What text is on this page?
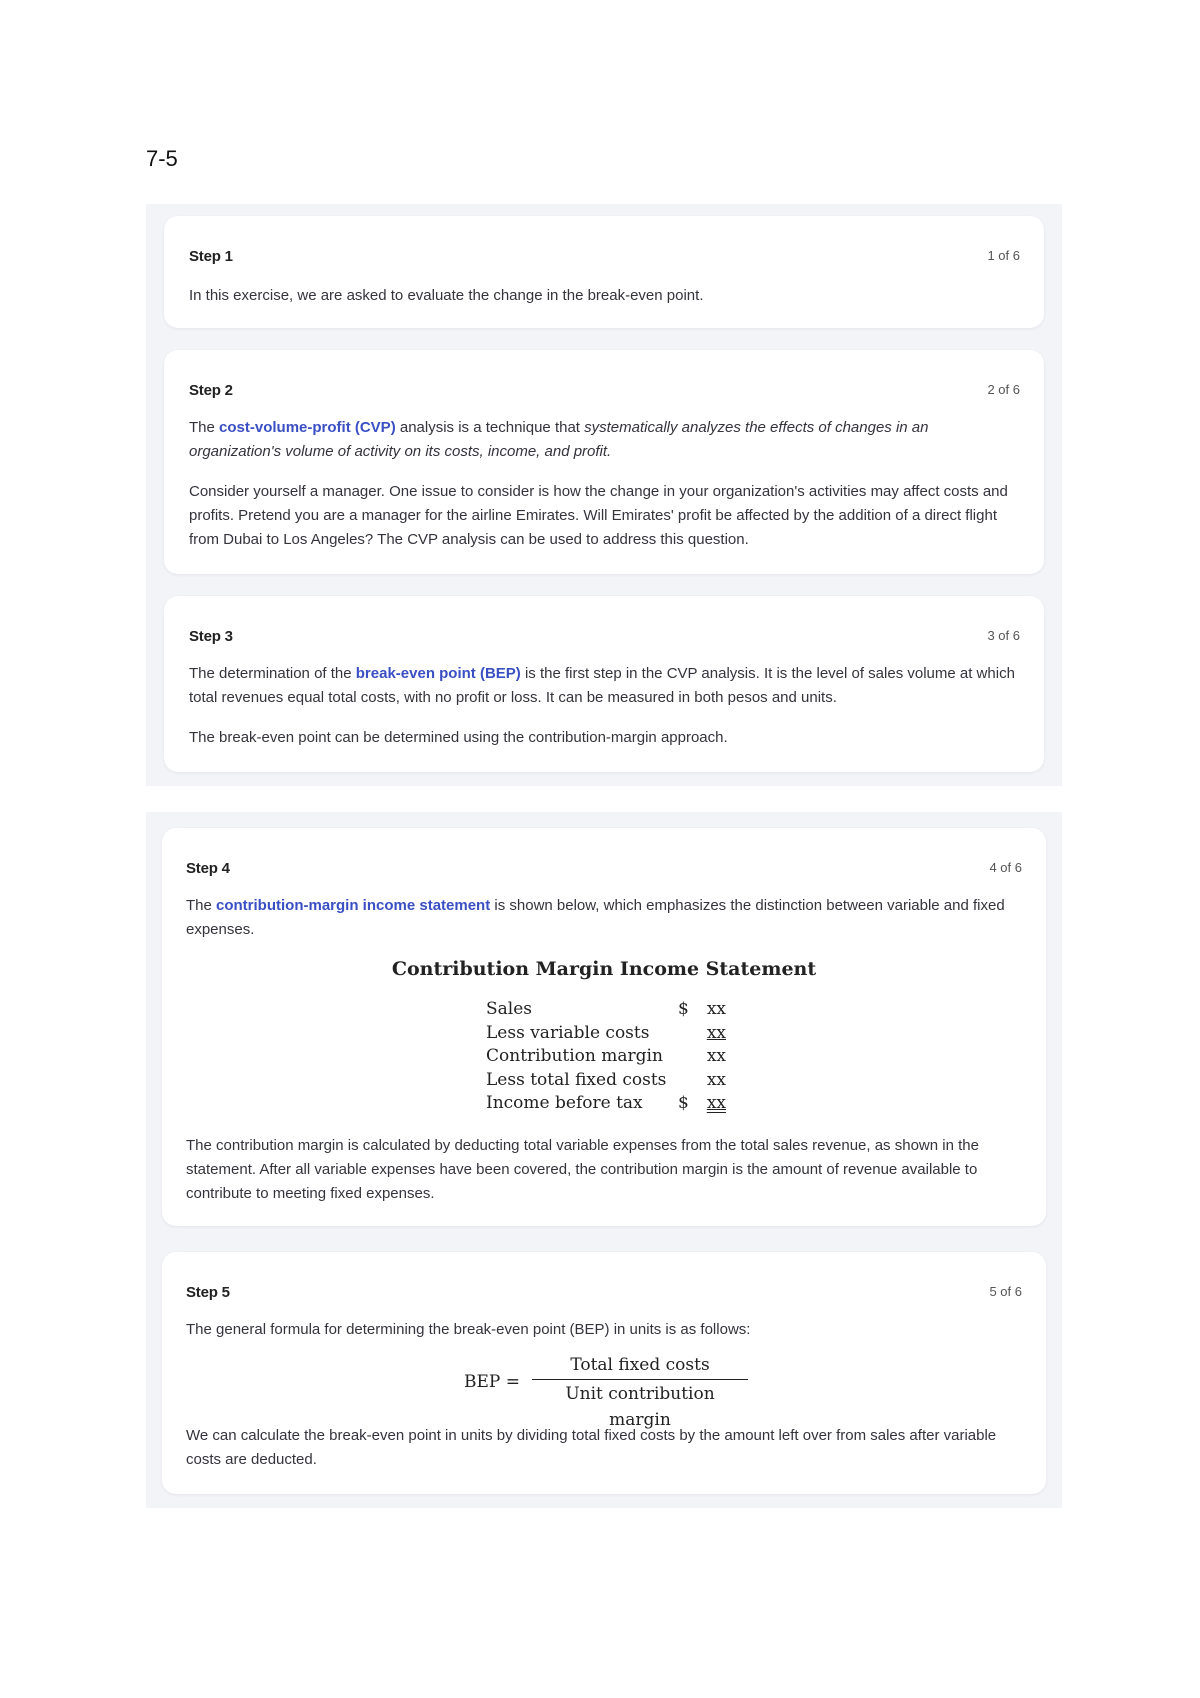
7-5
Step 1	1 of 6

In this exercise, we are asked to evaluate the change in the break-even point.

Step 2	2 of 6

The cost-volume-profit (CVP) analysis is a technique that systematically analyzes the effects of changes in an organization's volume of activity on its costs, income, and profit.

Consider yourself a manager. One issue to consider is how the change in your organization's activities may affect costs and profits. Pretend you are a manager for the airline Emirates. Will Emirates' profit be affected by the addition of a direct flight from Dubai to Los Angeles? The CVP analysis can be used to address this question.

Step 3	3 of 6

The determination of the break-even point (BEP) is the first step in the CVP analysis. It is the level of sales volume at which total revenues equal total costs, with no profit or loss. It can be measured in both pesos and units.

The break-even point can be determined using the contribution-margin approach.

Step 4	4 of 6

The contribution-margin income statement is shown below, which emphasizes the distinction between variable and fixed expenses.

Contribution Margin Income Statement
Sales	$	xx
Less variable costs		xx
Contribution margin		xx
Less total fixed costs		xx
Income before tax	$	xx

The contribution margin is calculated by deducting total variable expenses from the total sales revenue, as shown in the statement. After all variable expenses have been covered, the contribution margin is the amount of revenue available to contribute to meeting fixed expenses.

Step 5	5 of 6

The general formula for determining the break-even point (BEP) in units is as follows:

BEP =
Total fixed costs
Unit contribution margin

We can calculate the break-even point in units by dividing total fixed costs by the amount left over from sales after variable costs are deducted.
